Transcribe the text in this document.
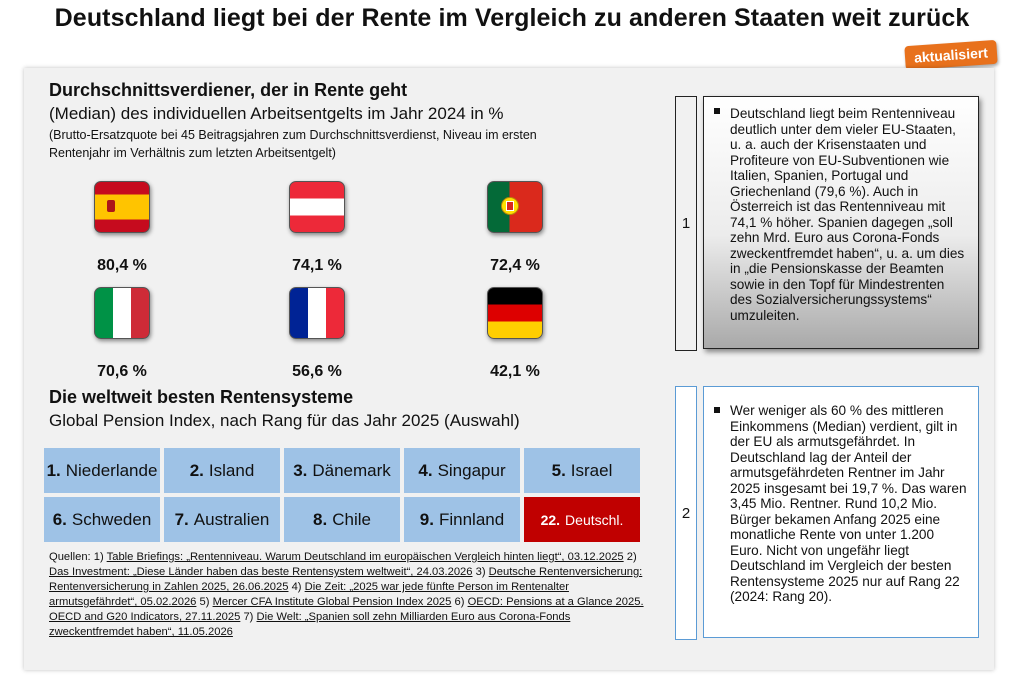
Deutschland liegt bei der Rente im Vergleich zu anderen Staaten weit zurück
aktualisiert
Durchschnittsverdiener, der in Rente geht
(Median) des individuellen Arbeitsentgelts im Jahr 2024 in %
(Brutto-Ersatzquote bei 45 Beitragsjahren zum Durchschnittsverdienst, Niveau im ersten
Rentenjahr im Verhältnis zum letzten Arbeitsentgelt)
80,4 %	74,1 %	72,4 %
70,6 %	56,6 %	42,1 %
Die weltweit besten Rentensysteme
Global Pension Index, nach Rang für das Jahr 2025 (Auswahl)
1. Niederlande 2. Island 3. Dänemark 4. Singapur	5. Israel
6. Schweden 7. Australien	8. Chile	9. Finnland	22. Deutschl.
Quellen: 1) Table Briefings: „Rentenniveau. Warum Deutschland im europäischen Vergleich hinten liegt“, 03.12.2025 2) Das Investment: „Diese Länder haben das beste Rentensystem weltweit“, 24.03.2026 3) Deutsche Rentenversicherung: Rentenversicherung in Zahlen 2025, 26.06.2025 4) Die Zeit: „2025 war jede fünfte Person im Rentenalter armutsgefährdet“, 05.02.2026 5) Mercer CFA Institute Global Pension Index 2025 6) OECD: Pensions at a Glance 2025. OECD and G20 Indicators, 27.11.2025 7) Die Welt: „Spanien soll zehn Milliarden Euro aus Corona-Fonds zweckentfremdet haben“, 11.05.2026
1
Deutschland liegt beim Rentenniveau deutlich unter dem vieler EU-Staaten, u. a. auch der Krisenstaaten und Profiteure von EU-Subventionen wie Italien, Spanien, Portugal und Griechenland (79,6 %). Auch in Österreich ist das Rentenniveau mit 74,1 % höher. Spanien dagegen „soll zehn Mrd. Euro aus Corona-Fonds zweckentfremdet haben“, u. a. um dies in „die Pensionskasse der Beamten sowie in den Topf für Mindestrenten des Sozialversicherungssystems“ umzuleiten.
2
Wer weniger als 60 % des mittleren Einkommens (Median) verdient, gilt in der EU als armutsgefährdet. In Deutschland lag der Anteil der armutsgefährdeten Rentner im Jahr 2025 insgesamt bei 19,7 %. Das waren 3,45 Mio. Rentner. Rund 10,2 Mio. Bürger bekamen Anfang 2025 eine monatliche Rente von unter 1.200 Euro. Nicht von ungefähr liegt Deutschland im Vergleich der besten Rentensysteme 2025 nur auf Rang 22 (2024: Rang 20).
